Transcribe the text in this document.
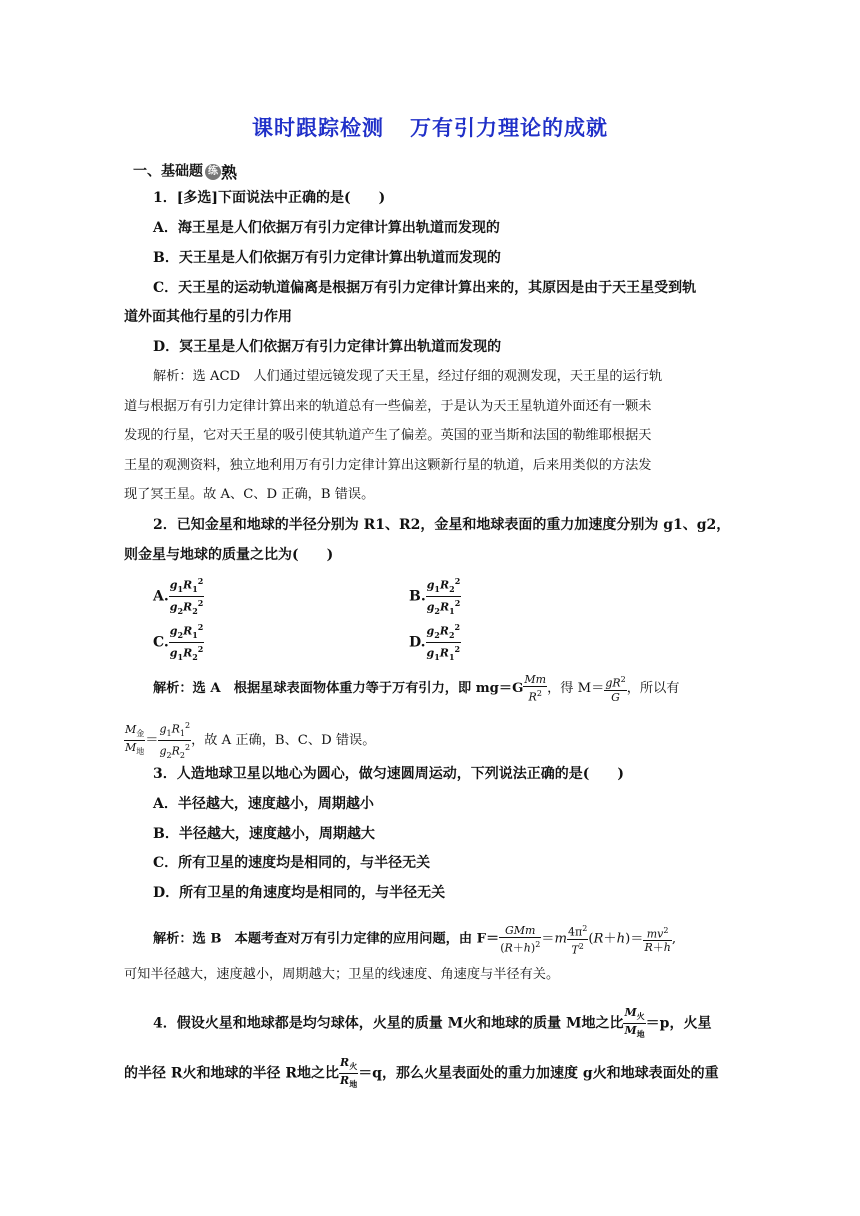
课时跟踪检测 万有引力理论的成就
一、基础题 练 熟
1．[多选]下面说法中正确的是(　　)
A．海王星是人们依据万有引力定律计算出轨道而发现的
B．天王星是人们依据万有引力定律计算出轨道而发现的
C．天王星的运动轨道偏离是根据万有引力定律计算出来的，其原因是由于天王星受到轨
道外面其他行星的引力作用
D．冥王星是人们依据万有引力定律计算出轨道而发现的
解析：选 ACD　人们通过望远镜发现了天王星，经过仔细的观测发现，天王星的运行轨
道与根据万有引力定律计算出来的轨道总有一些偏差，于是认为天王星轨道外面还有一颗未
发现的行星，它对天王星的吸引使其轨道产生了偏差。英国的亚当斯和法国的勒维耶根据天
王星的观测资料，独立地利用万有引力定律计算出这颗新行星的轨道，后来用类似的方法发
现了冥王星。故 A、C、D 正确，B 错误。
2．已知金星和地球的半径分别为 R1、R2，金星和地球表面的重力加速度分别为 g1、g2，
则金星与地球的质量之比为(　　)
A. $\frac{g_1R_1^2}{g_2R_2^2}$	B. $\frac{g_1R_2^2}{g_2R_1^2}$
C. $\frac{g_2R_1^2}{g_1R_2^2}$	D. $\frac{g_2R_2^2}{g_1R_1^2}$
解析：选 A　根据星球表面物体重力等于万有引力，即 $mg=G \frac{Mm}{R^2}$ ，得 $M= \frac{gR^2}{G}$ ，所以有
$\frac{M_金}{M_地} = \frac{g_1R_1^2}{g_2R_2^2}$ ，故 A 正确，B、C、D 错误。
3．人造地球卫星以地心为圆心，做匀速圆周运动，下列说法正确的是(　　)
A．半径越大，速度越小，周期越小
B．半径越大，速度越小，周期越大
C．所有卫星的速度均是相同的，与半径无关
D．所有卫星的角速度均是相同的，与半径无关
解析：选 B　本题考查对万有引力定律的应用问题，由 $F= \frac{\text{GMm}}{(R+h)^2} =m \frac{4\pi^2}{T^2} (R+h)= \frac{mv^2}{R+h}$ ,
可知半径越大，速度越小，周期越大；卫星的线速度、角速度与半径有关。
4．假设火星和地球都是均匀球体，火星的质量 M火和地球的质量 M地之比 $\frac{M_火}{M_地} =p$，火星
的半径 R火和地球的半径 R地之比 $\frac{R_火}{R_地} =q$，那么火星表面处的重力加速度 g火和地球表面处的重
